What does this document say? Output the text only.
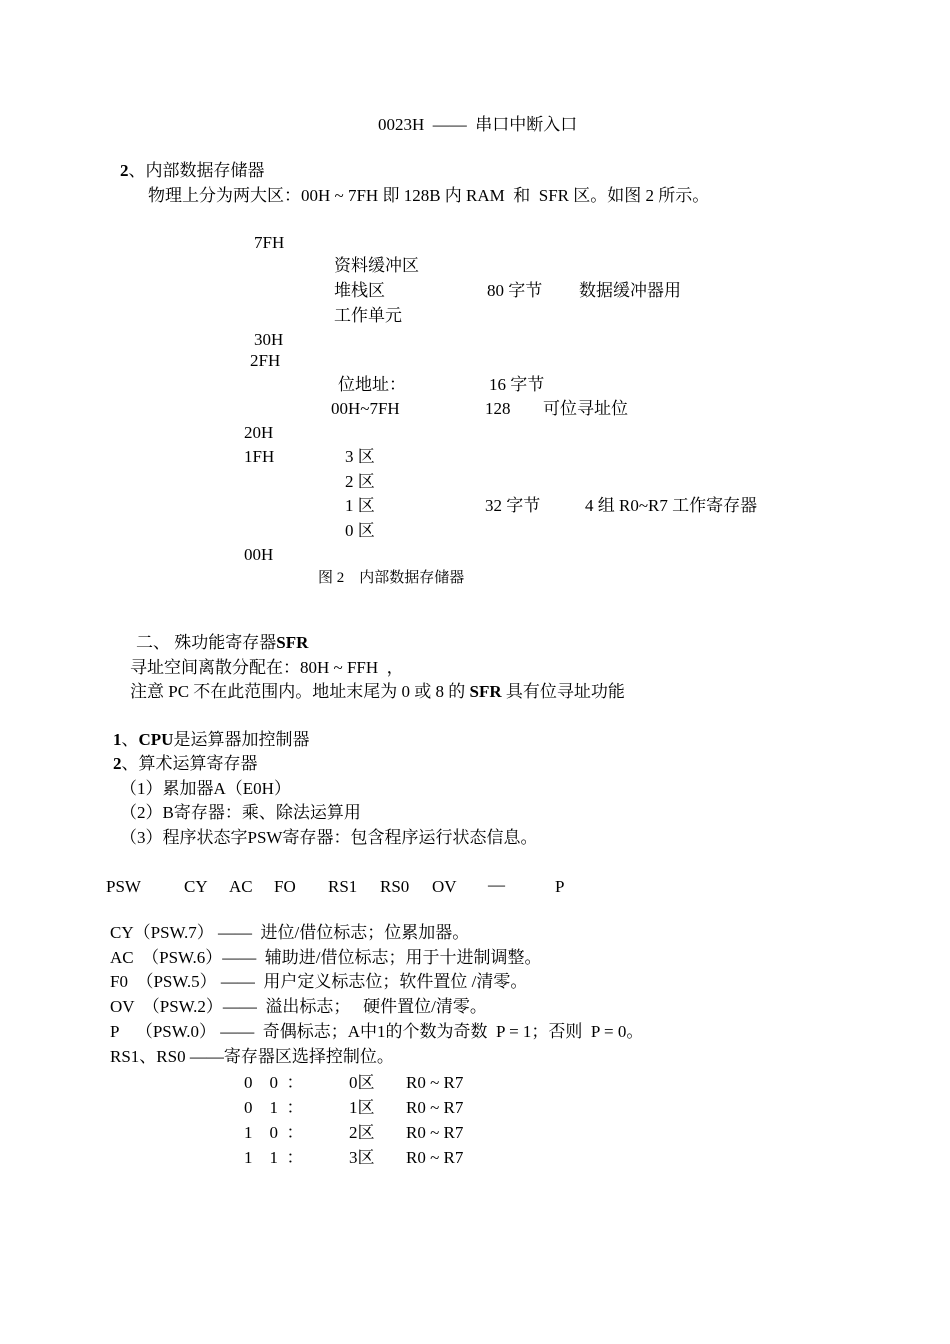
0023H  ——  串口中断入口
2、内部数据存储器
物理上分为两大区：00H ~ 7FH 即 128B 内 RAM  和  SFR 区。如图 2 所示。
7FH
资料缓冲区
堆栈区	80 字节 数据缓冲器用
工作单元
30H
2FH
位地址：	16 字节
00H~7FH	128 可位寻址位
20H
1FH	3 区
2 区
1 区	32 字节	4 组 R0~R7 工作寄存器
0 区
00H
图 2    内部数据存储器
二、 殊功能寄存器SFR
寻址空间离散分配在：80H ~ FFH  ，
注意 PC 不在此范围内。地址末尾为 0 或 8 的 SFR 具有位寻址功能
1、CPU是运算器加控制器
2、算术运算寄存器
（1）累加器A（E0H）
（2）B寄存器：乘、除法运算用
（3）程序状态字PSW寄存器：包含程序运行状态信息。
PSW	CY AC FO RS1 RS0 OV —	P
CY（PSW.7） ——  进位/借位标志；位累加器。
AC  （PSW.6）——  辅助进/借位标志；用于十进制调整。
F0  （PSW.5） ——  用户定义标志位；软件置位 /清零。
OV  （PSW.2）——  溢出标志；   硬件置位/清零。
P    （PSW.0） ——  奇偶标志；A中1的个数为奇数  P = 1；否则  P = 0。
RS1、RS0 ——寄存器区选择控制位。
0    0  ：	0区 R0 ~ R7
0    1  ：	1区 R0 ~ R7
1    0  ：	2区 R0 ~ R7
1    1  ：	3区 R0 ~ R7
